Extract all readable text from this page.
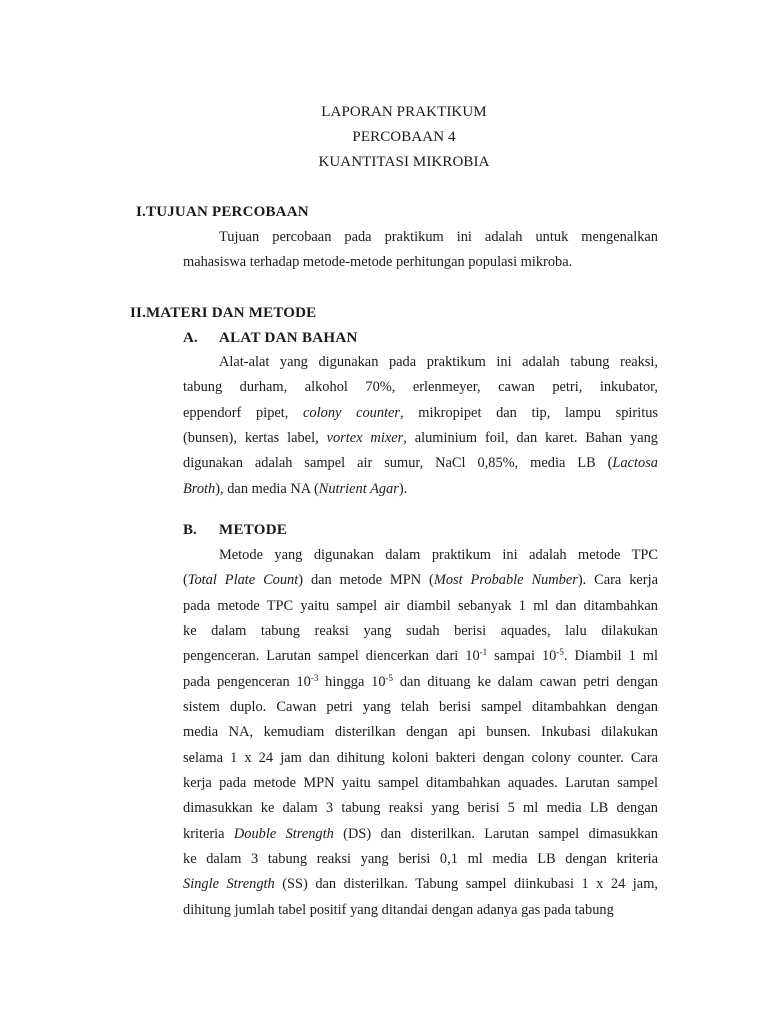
LAPORAN PRAKTIKUM
PERCOBAAN 4
KUANTITASI MIKROBIA
I.TUJUAN PERCOBAAN
Tujuan percobaan pada praktikum ini adalah untuk mengenalkan
mahasiswa terhadap metode-metode perhitungan populasi mikroba.
II.MATERI DAN METODE
A. ALAT DAN BAHAN
Alat-alat yang digunakan pada praktikum ini adalah tabung reaksi,
tabung durham, alkohol 70%, erlenmeyer, cawan petri, inkubator,
eppendorf pipet, colony counter, mikropipet dan tip, lampu spiritus
(bunsen), kertas label, vortex mixer, aluminium foil, dan karet. Bahan yang
digunakan adalah sampel air sumur, NaCl 0,85%, media LB (Lactosa
Broth), dan media NA (Nutrient Agar).
B. METODE
Metode yang digunakan dalam praktikum ini adalah metode TPC
(Total Plate Count) dan metode MPN (Most Probable Number). Cara kerja
pada metode TPC yaitu sampel air diambil sebanyak 1 ml dan ditambahkan
ke dalam tabung reaksi yang sudah berisi aquades, lalu dilakukan
pengenceran. Larutan sampel diencerkan dari $10^{-1}$ sampai $10^{-5}$. Diambil 1 ml
pada pengenceran $10^{-3}$ hingga $10^{-5}$ dan dituang ke dalam cawan petri dengan
sistem duplo. Cawan petri yang telah berisi sampel ditambahkan dengan
media NA, kemudiam disterilkan dengan api bunsen. Inkubasi dilakukan
selama 1 x 24 jam dan dihitung koloni bakteri dengan colony counter. Cara
kerja pada metode MPN yaitu sampel ditambahkan aquades. Larutan sampel
dimasukkan ke dalam 3 tabung reaksi yang berisi 5 ml media LB dengan
kriteria Double Strength (DS) dan disterilkan. Larutan sampel dimasukkan
ke dalam 3 tabung reaksi yang berisi 0,1 ml media LB dengan kriteria
Single Strength (SS) dan disterilkan. Tabung sampel diinkubasi 1 x 24 jam,
dihitung jumlah tabel positif yang ditandai dengan adanya gas pada tabung
